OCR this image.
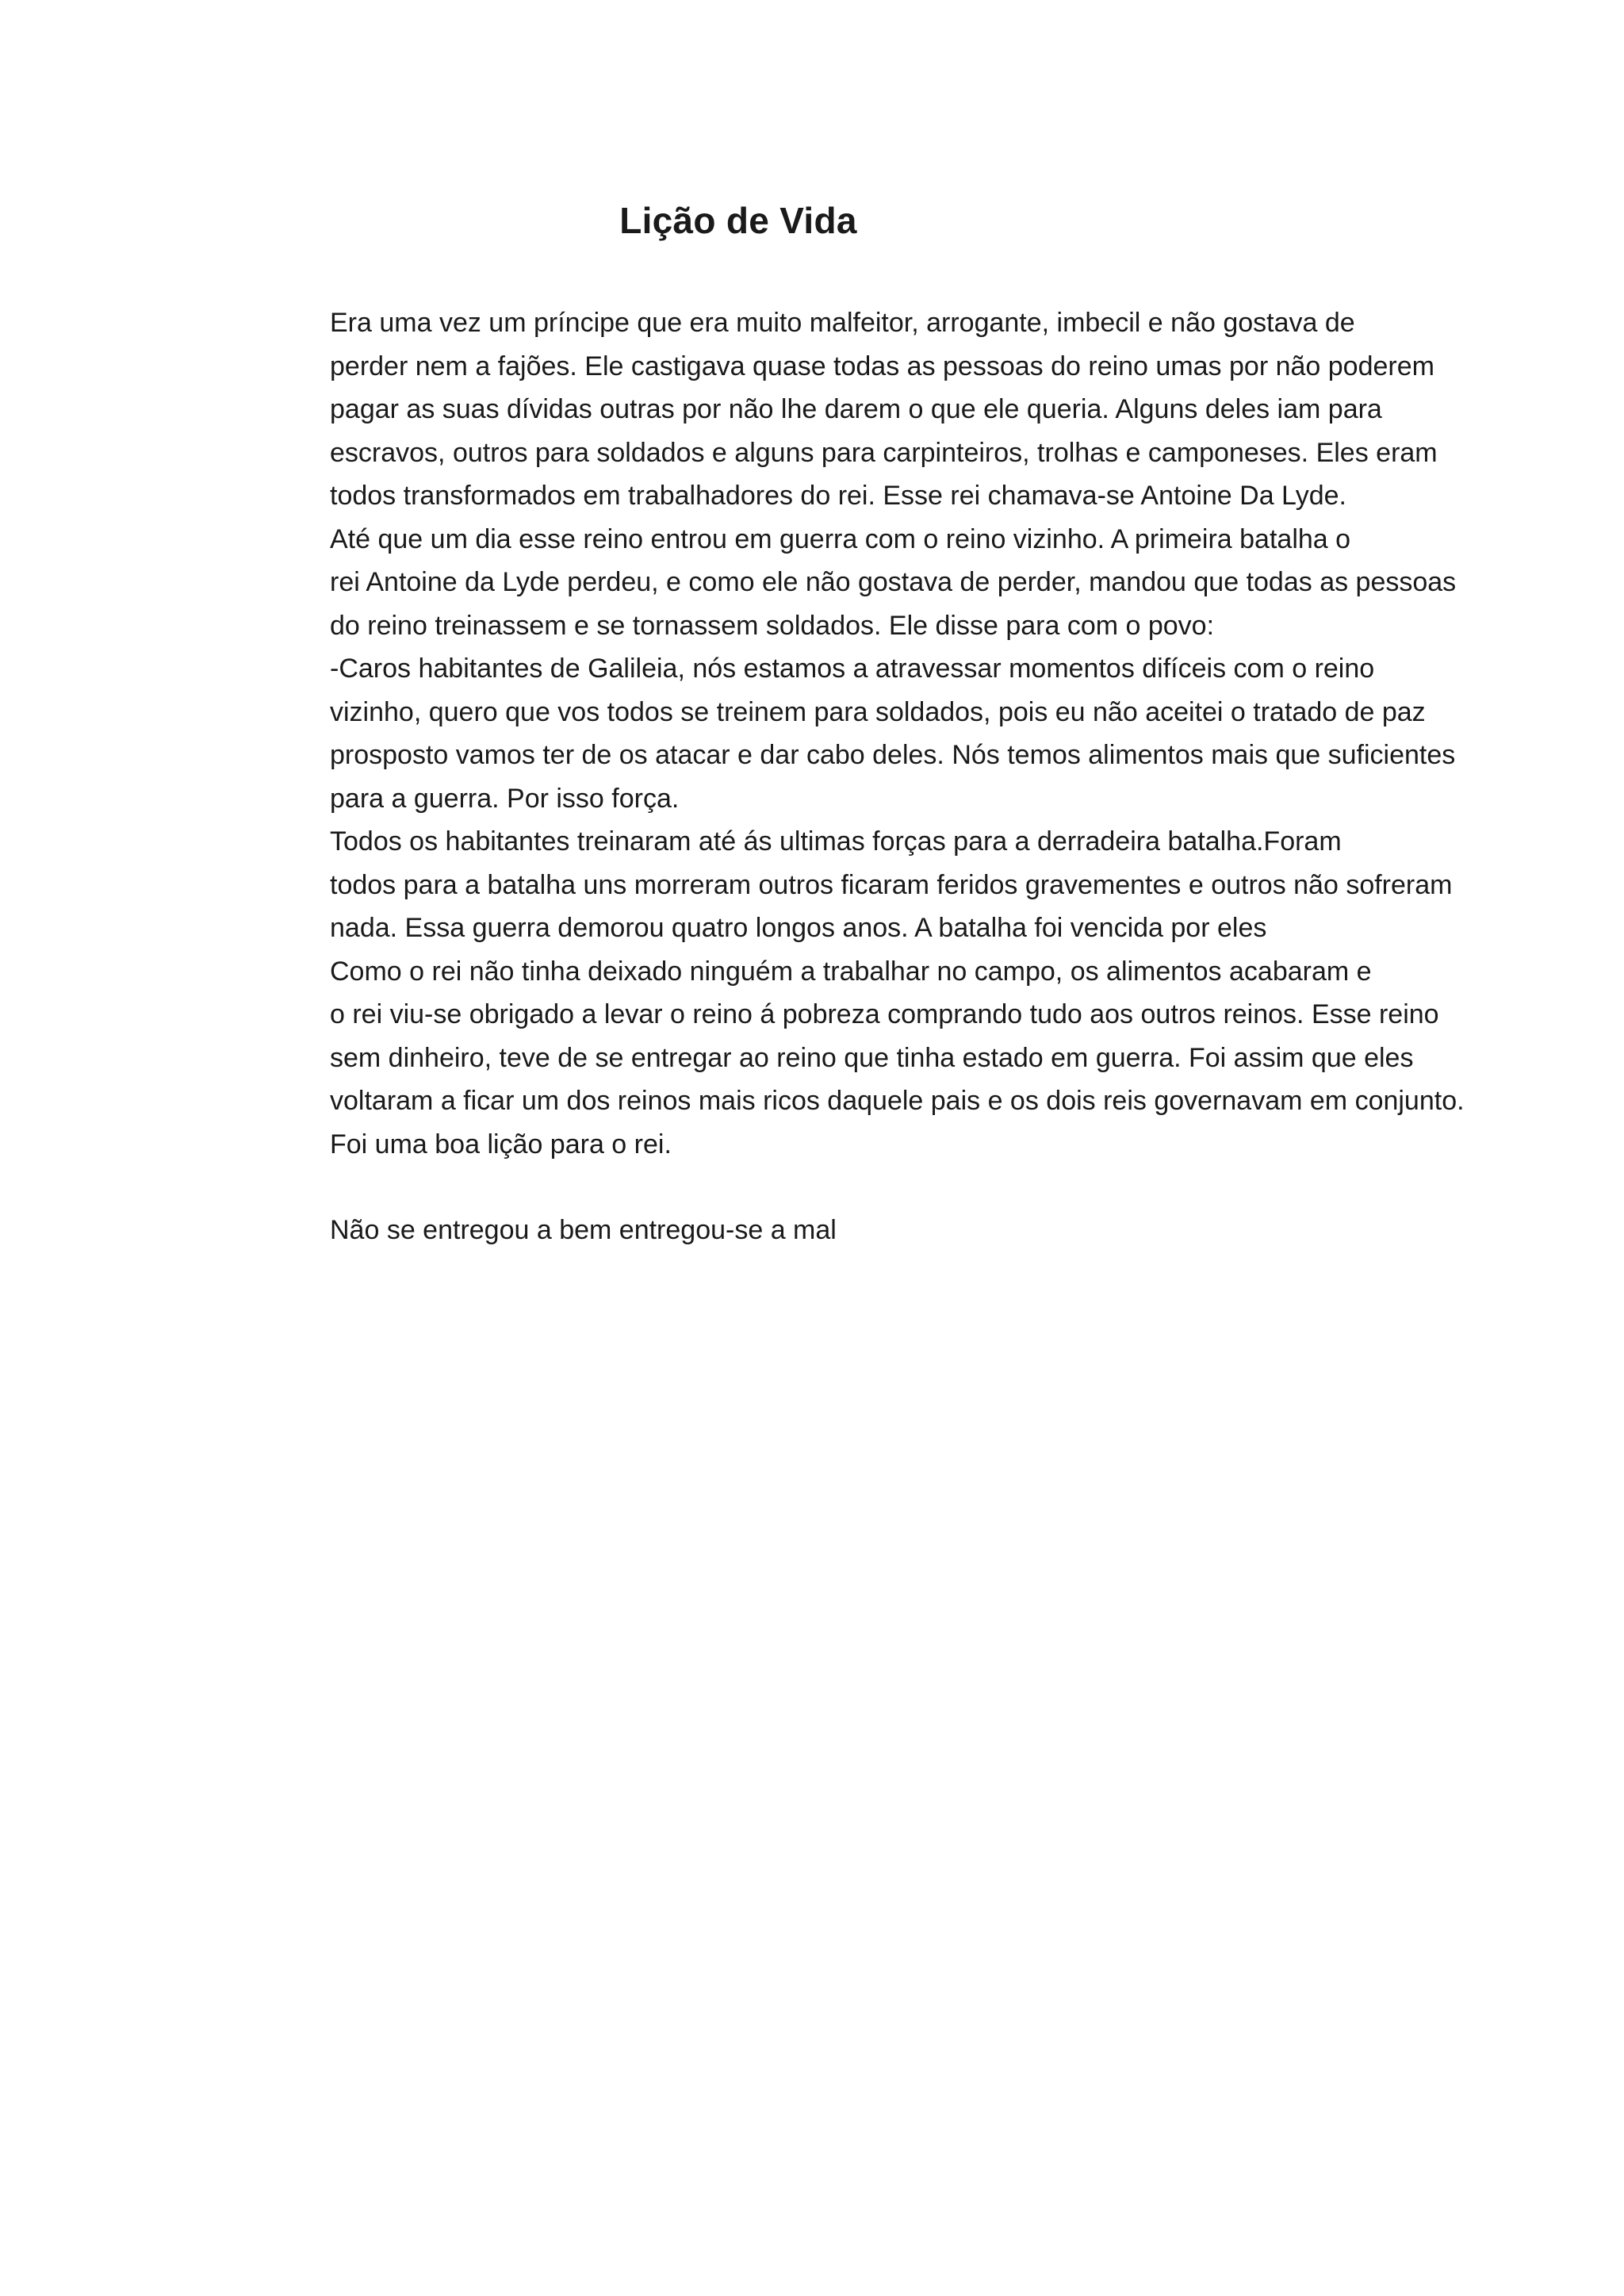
Lição de Vida

Era uma vez um príncipe que era muito malfeitor, arrogante, imbecil e não gostava de
perder nem a fajões. Ele castigava quase todas as pessoas do reino umas por não poderem
pagar as suas dívidas outras por não lhe darem o que ele queria. Alguns deles iam para
escravos, outros para soldados e alguns para carpinteiros, trolhas e camponeses. Eles eram
todos transformados em trabalhadores do rei. Esse rei chamava-se Antoine Da Lyde.

Até que um dia esse reino entrou em guerra com o reino vizinho. A primeira batalha o
rei Antoine da Lyde perdeu, e como ele não gostava de perder, mandou que todas as pessoas
do reino treinassem e se tornassem soldados. Ele disse para com o povo:

-Caros habitantes de Galileia, nós estamos a atravessar momentos difíceis com o reino
vizinho, quero que vos todos se treinem para soldados, pois eu não aceitei o tratado de paz
prosposto vamos ter de os atacar e dar cabo deles. Nós temos alimentos mais que suficientes
para a guerra. Por isso força.

Todos os habitantes treinaram até ás ultimas forças para a derradeira batalha.Foram
todos para a batalha uns morreram outros ficaram feridos gravementes e outros não sofreram
nada. Essa guerra demorou quatro longos anos. A batalha foi vencida por eles

Como o rei não tinha deixado ninguém a trabalhar no campo, os alimentos acabaram e
o rei viu-se obrigado a levar o reino á pobreza comprando tudo aos outros reinos. Esse reino
sem dinheiro, teve de se entregar ao reino que tinha estado em guerra. Foi assim que eles
voltaram a ficar um dos reinos mais ricos daquele pais e os dois reis governavam em conjunto.

Foi uma boa lição para o rei.

Não se entregou a bem entregou-se a mal
